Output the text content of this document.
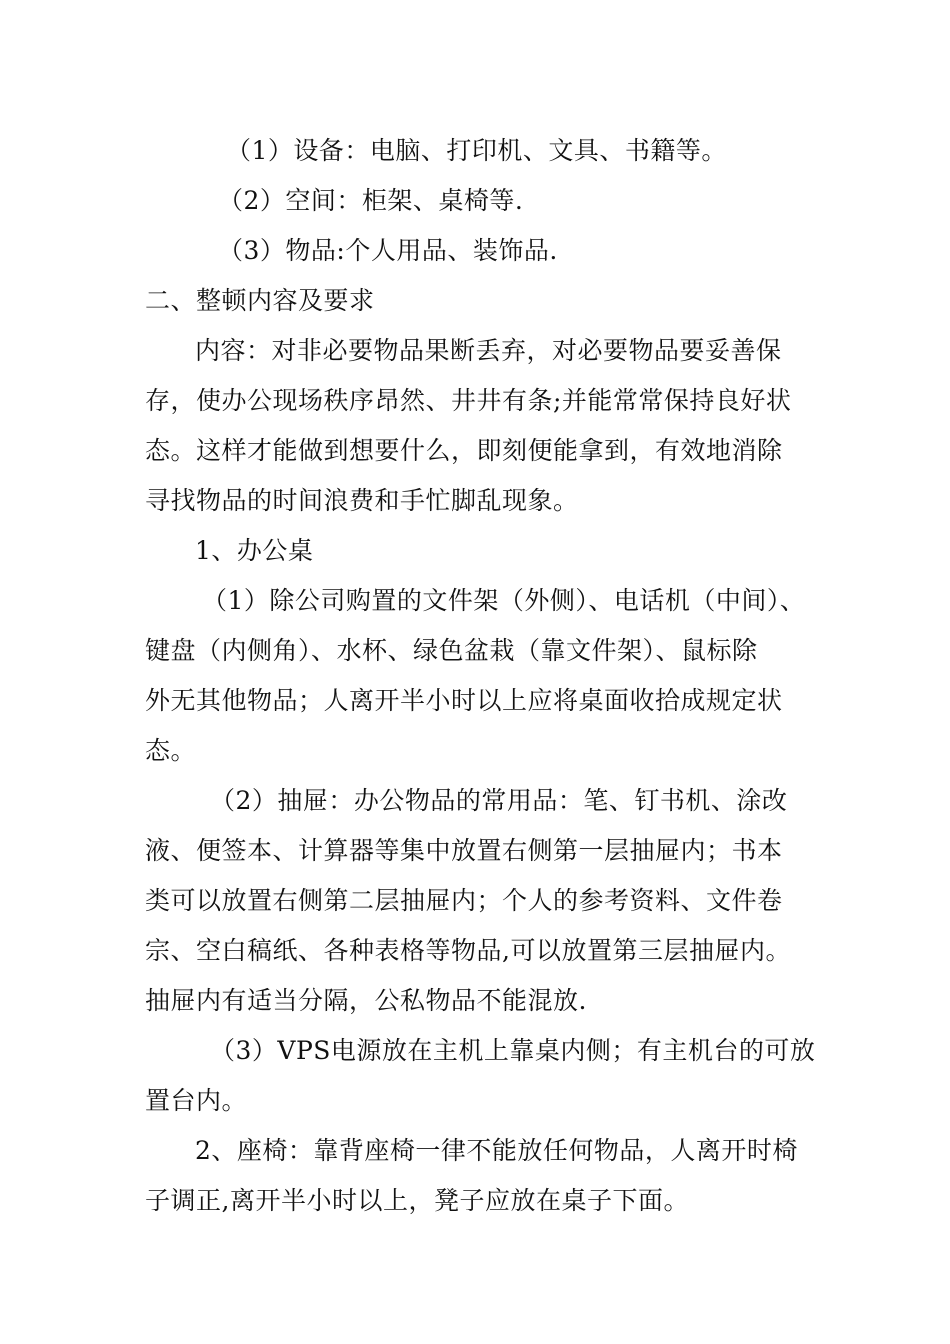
（1）设备：电脑、打印机、文具、书籍等。
（2）空间：柜架、桌椅等.
（3）物品:个人用品、装饰品.
二、整顿内容及要求
内容：对非必要物品果断丢弃，对必要物品要妥善保
存，使办公现场秩序昂然、井井有条;并能常常保持良好状
态。这样才能做到想要什么，即刻便能拿到，有效地消除
寻找物品的时间浪费和手忙脚乱现象。
1、办公桌
（1）除公司购置的文件架（外侧）、电话机（中间）、
键盘（内侧角）、水杯、绿色盆栽（靠文件架）、鼠标除
外无其他物品；人离开半小时以上应将桌面收拾成规定状
态。
（2）抽屉：办公物品的常用品：笔、钉书机、涂改
液、便签本、计算器等集中放置右侧第一层抽屉内；书本
类可以放置右侧第二层抽屉内；个人的参考资料、文件卷
宗、空白稿纸、各种表格等物品,可以放置第三层抽屉内。
抽屉内有适当分隔，公私物品不能混放.
（3）VPS电源放在主机上靠桌内侧；有主机台的可放
置台内。
2、座椅：靠背座椅一律不能放任何物品，人离开时椅
子调正,离开半小时以上，凳子应放在桌子下面。
